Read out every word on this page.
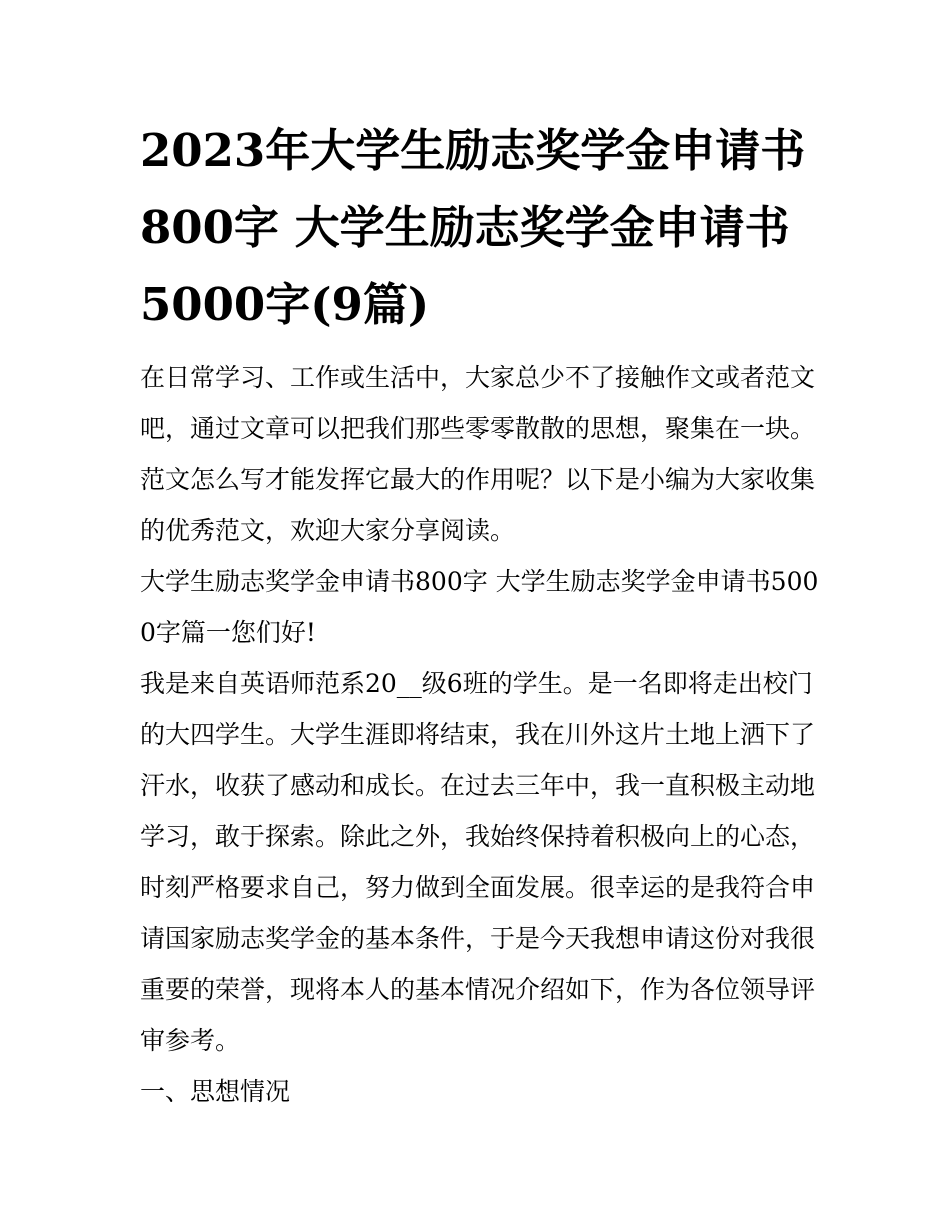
2023年大学生励志奖学金申请书800字 大学生励志奖学金申请书5000字(9篇)

在日常学习、工作或生活中，大家总少不了接触作文或者范文吧，通过文章可以把我们那些零零散散的思想，聚集在一块。范文怎么写才能发挥它最大的作用呢？以下是小编为大家收集的优秀范文，欢迎大家分享阅读。

大学生励志奖学金申请书800字 大学生励志奖学金申请书5000字篇一您们好!

我是来自英语师范系20__级6班的学生。是一名即将走出校门的大四学生。大学生涯即将结束，我在川外这片土地上洒下了汗水，收获了感动和成长。在过去三年中，我一直积极主动地学习，敢于探索。除此之外，我始终保持着积极向上的心态，时刻严格要求自己，努力做到全面发展。很幸运的是我符合申请国家励志奖学金的基本条件，于是今天我想申请这份对我很重要的荣誉，现将本人的基本情况介绍如下，作为各位领导评审参考。

一、思想情况
